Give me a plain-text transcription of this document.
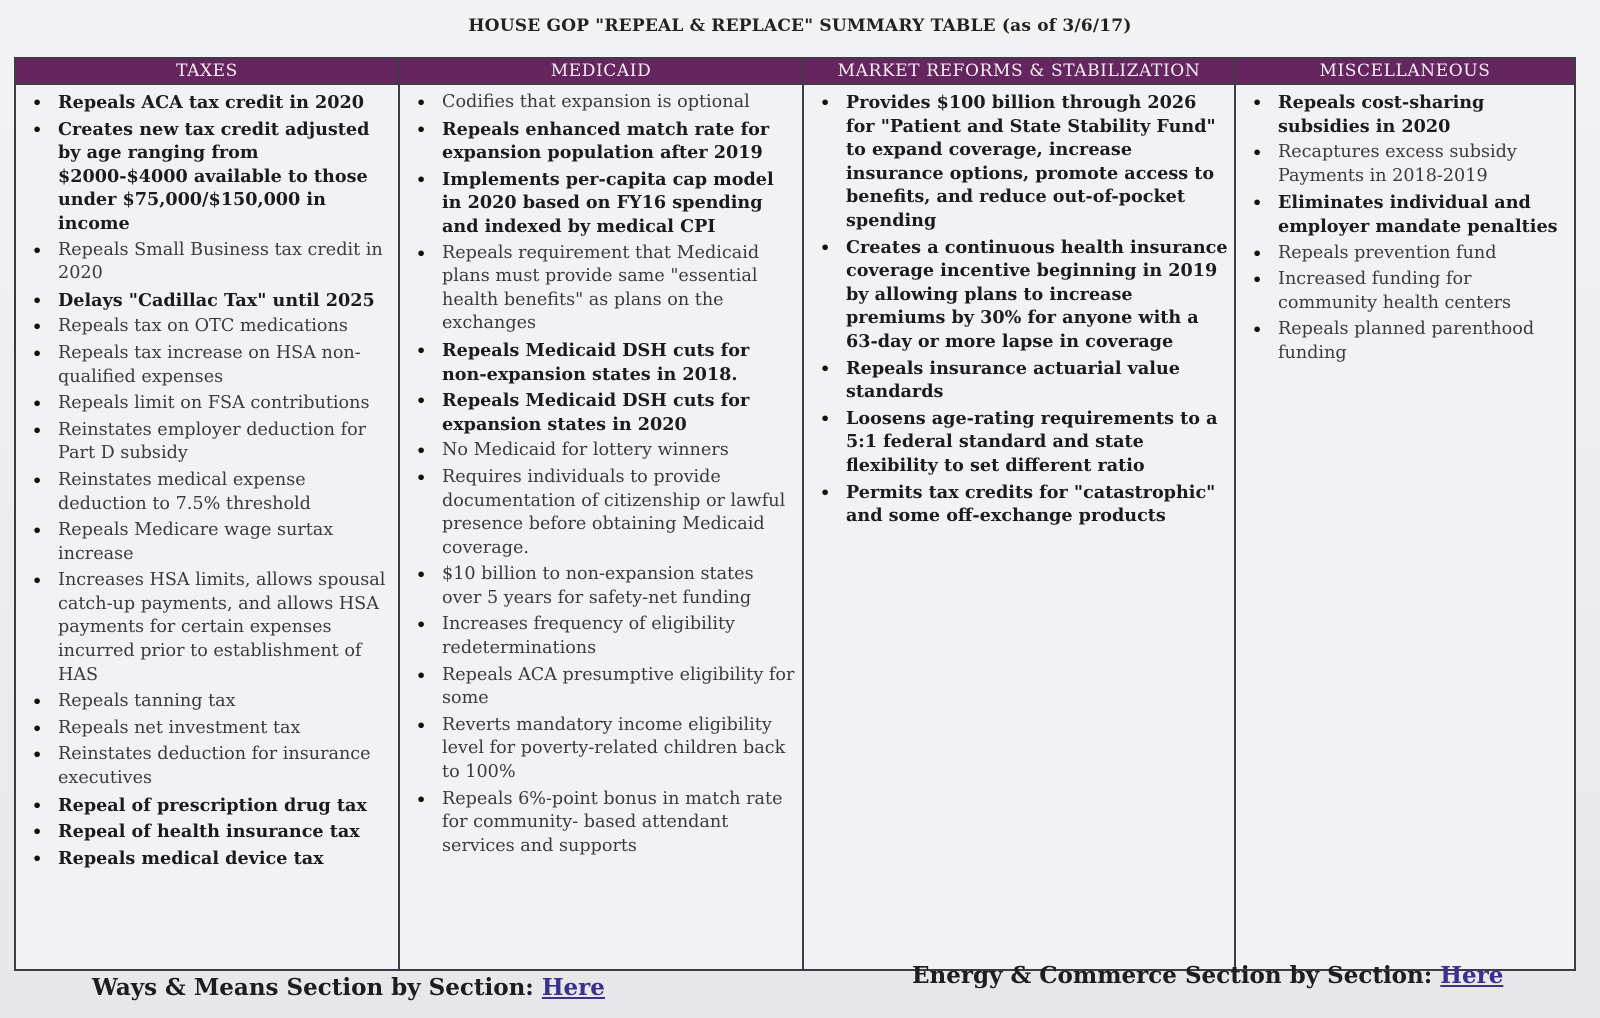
HOUSE GOP "REPEAL & REPLACE" SUMMARY TABLE (as of 3/6/17)
TAXES
• Repeals ACA tax credit in 2020
• Creates new tax credit adjusted by age ranging from $2000-$4000 available to those under $75,000/$150,000 in income
• Repeals Small Business tax credit in 2020
• Delays "Cadillac Tax" until 2025
• Repeals tax on OTC medications
• Repeals tax increase on HSA non-qualified expenses
• Repeals limit on FSA contributions
• Reinstates employer deduction for Part D subsidy
• Reinstates medical expense deduction to 7.5% threshold
• Repeals Medicare wage surtax increase
• Increases HSA limits, allows spousal catch-up payments, and allows HSA payments for certain expenses incurred prior to establishment of HAS
• Repeals tanning tax
• Repeals net investment tax
• Reinstates deduction for insurance executives
• Repeal of prescription drug tax
• Repeal of health insurance tax
• Repeals medical device tax
MEDICAID
• Codifies that expansion is optional
• Repeals enhanced match rate for expansion population after 2019
• Implements per-capita cap model in 2020 based on FY16 spending and indexed by medical CPI
• Repeals requirement that Medicaid plans must provide same "essential health benefits" as plans on the exchanges
• Repeals Medicaid DSH cuts for non-expansion states in 2018.
• Repeals Medicaid DSH cuts for expansion states in 2020
• No Medicaid for lottery winners
• Requires individuals to provide documentation of citizenship or lawful presence before obtaining Medicaid coverage.
• $10 billion to non-expansion states over 5 years for safety-net funding
• Increases frequency of eligibility redeterminations
• Repeals ACA presumptive eligibility for some
• Reverts mandatory income eligibility level for poverty-related children back to 100%
• Repeals 6%-point bonus in match rate for community- based attendant services and supports
MARKET REFORMS & STABILIZATION
• Provides $100 billion through 2026 for "Patient and State Stability Fund" to expand coverage, increase insurance options, promote access to benefits, and reduce out-of-pocket spending
• Creates a continuous health insurance coverage incentive beginning in 2019 by allowing plans to increase premiums by 30% for anyone with a 63-day or more lapse in coverage
• Repeals insurance actuarial value standards
• Loosens age-rating requirements to a 5:1 federal standard and state flexibility to set different ratio
• Permits tax credits for "catastrophic" and some off-exchange products
MISCELLANEOUS
• Repeals cost-sharing subsidies in 2020
• Recaptures excess subsidy Payments in 2018-2019
• Eliminates individual and employer mandate penalties
• Repeals prevention fund
• Increased funding for community health centers
• Repeals planned parenthood funding
Ways & Means Section by Section: Here	Energy & Commerce Section by Section: Here
